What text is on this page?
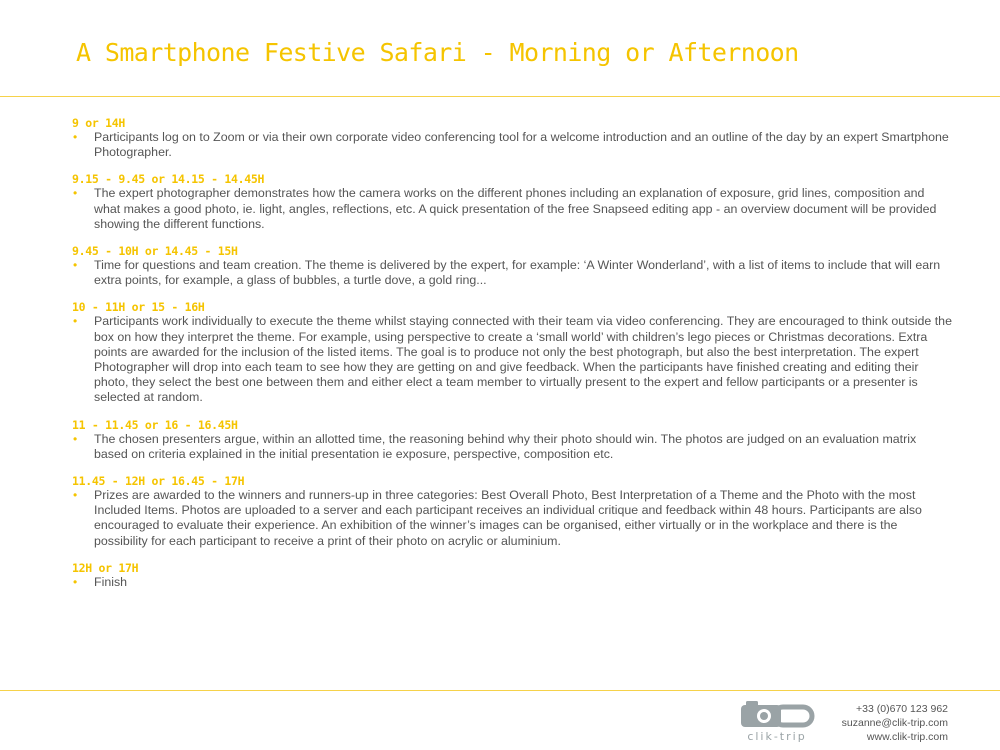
A Smartphone Festive Safari - Morning or Afternoon
9 or 14H
• Participants log on to Zoom or via their own corporate video conferencing tool for a welcome introduction and an outline of the day by an expert Smartphone Photographer.
9.15 - 9.45 or 14.15 - 14.45H
• The expert photographer demonstrates how the camera works on the different phones including an explanation of exposure, grid lines, composition and what makes a good photo, ie. light, angles, reflections, etc. A quick presentation of the free Snapseed editing app - an overview document will be provided showing the different functions.
9.45 - 10H or 14.45 - 15H
• Time for questions and team creation. The theme is delivered by the expert, for example: ‘A Winter Wonderland’, with a list of items to include that will earn extra points, for example, a glass of bubbles, a turtle dove, a gold ring...
10 - 11H or 15 - 16H
• Participants work individually to execute the theme whilst staying connected with their team via video conferencing. They are encouraged to think outside the box on how they interpret the theme. For example, using perspective to create a ‘small world’ with children’s lego pieces or Christmas decorations. Extra points are awarded for the inclusion of the listed items. The goal is to produce not only the best photograph, but also the best interpretation. The expert Photographer will drop into each team to see how they are getting on and give feedback. When the participants have finished creating and editing their photo, they select the best one between them and either elect a team member to virtually present to the expert and fellow participants or a presenter is selected at random.
11 - 11.45 or 16 - 16.45H
• The chosen presenters argue, within an allotted time, the reasoning behind why their photo should win. The photos are judged on an evaluation matrix based on criteria explained in the initial presentation ie exposure, perspective, composition etc.
11.45 - 12H or 16.45 - 17H
• Prizes are awarded to the winners and runners-up in three categories: Best Overall Photo, Best Interpretation of a Theme and the Photo with the most Included Items. Photos are uploaded to a server and each participant receives an individual critique and feedback within 48 hours. Participants are also encouraged to evaluate their experience. An exhibition of the winner’s images can be organised, either virtually or in the workplace and there is the possibility for each participant to receive a print of their photo on acrylic or aluminium.
12H or 17H
• Finish
clik-trip
+33 (0)670 123 962
suzanne@clik-trip.com
www.clik-trip.com
